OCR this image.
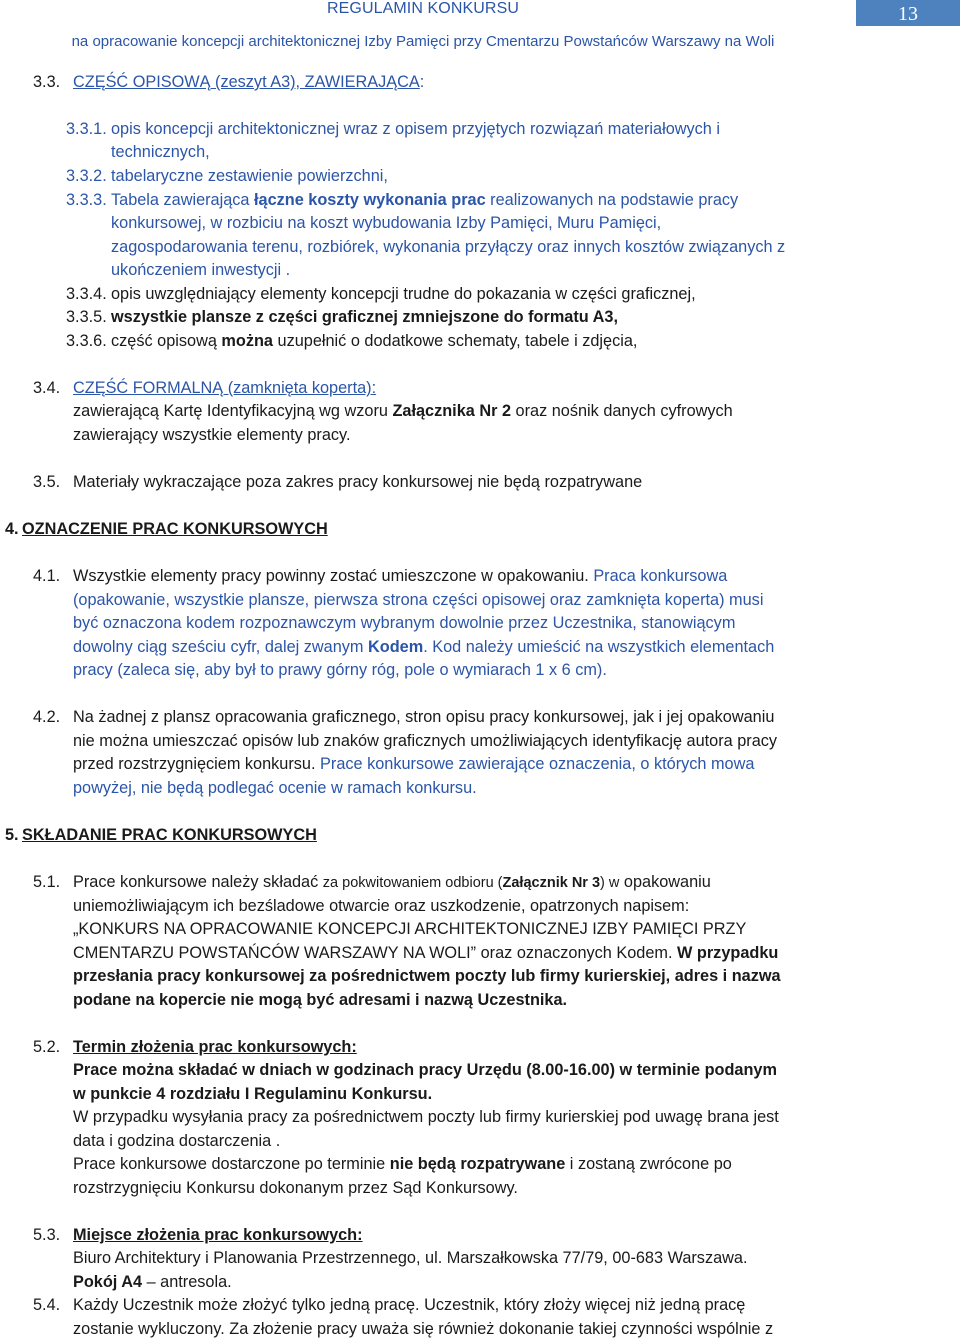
REGULAMIN KONKURSU
na opracowanie koncepcji architektonicznej Izby Pamięci przy Cmentarzu Powstańców Warszawy na Woli
13
3.3. CZĘŚĆ OPISOWĄ (zeszyt A3), ZAWIERAJĄCA:
3.3.1. opis koncepcji architektonicznej wraz z opisem przyjętych rozwiązań materiałowych i
technicznych,
3.3.2. tabelaryczne zestawienie powierzchni,
3.3.3. Tabela zawierająca łączne koszty wykonania prac realizowanych na podstawie pracy
konkursowej, w rozbiciu na koszt wybudowania Izby Pamięci, Muru Pamięci,
zagospodarowania terenu, rozbiórek, wykonania przyłączy oraz innych kosztów związanych z
ukończeniem inwestycji .
3.3.4. opis uwzględniający elementy koncepcji trudne do pokazania w części graficznej,
3.3.5. wszystkie plansze z części graficznej zmniejszone do formatu A3,
3.3.6. część opisową można uzupełnić o dodatkowe schematy, tabele i zdjęcia,
3.4. CZĘŚĆ FORMALNĄ (zamknięta koperta):
zawierającą Kartę Identyfikacyjną wg wzoru Załącznika Nr 2 oraz nośnik danych cyfrowych
zawierający wszystkie elementy pracy.
3.5. Materiały wykraczające poza zakres pracy konkursowej nie będą rozpatrywane
4. OZNACZENIE PRAC KONKURSOWYCH
4.1. Wszystkie elementy pracy powinny zostać umieszczone w opakowaniu. Praca konkursowa
(opakowanie, wszystkie plansze, pierwsza strona części opisowej oraz zamknięta koperta) musi
być oznaczona kodem rozpoznawczym wybranym dowolnie przez Uczestnika, stanowiącym
dowolny ciąg sześciu cyfr, dalej zwanym Kodem. Kod należy umieścić na wszystkich elementach
pracy (zaleca się, aby był to prawy górny róg, pole o wymiarach 1 x 6 cm).
4.2. Na żadnej z plansz opracowania graficznego, stron opisu pracy konkursowej, jak i jej opakowaniu
nie można umieszczać opisów lub znaków graficznych umożliwiających identyfikację autora pracy
przed rozstrzygnięciem konkursu. Prace konkursowe zawierające oznaczenia, o których mowa
powyżej, nie będą podlegać ocenie w ramach konkursu.
5. SKŁADANIE PRAC KONKURSOWYCH
5.1. Prace konkursowe należy składać za pokwitowaniem odbioru (Załącznik Nr 3) w opakowaniu
uniemożliwiającym ich bezśladowe otwarcie oraz uszkodzenie, opatrzonych napisem:
„KONKURS NA OPRACOWANIE KONCEPCJI ARCHITEKTONICZNEJ IZBY PAMIĘCI PRZY
CMENTARZU POWSTAŃCÓW WARSZAWY NA WOLI” oraz oznaczonych Kodem. W przypadku
przesłania pracy konkursowej za pośrednictwem poczty lub firmy kurierskiej, adres i nazwa
podane na kopercie nie mogą być adresami i nazwą Uczestnika.
5.2. Termin złożenia prac konkursowych:
Prace można składać w dniach w godzinach pracy Urzędu (8.00-16.00) w terminie podanym
w punkcie 4 rozdziału I Regulaminu Konkursu.
W przypadku wysyłania pracy za pośrednictwem poczty lub firmy kurierskiej pod uwagę brana jest
data i godzina dostarczenia .
Prace konkursowe dostarczone po terminie nie będą rozpatrywane i zostaną zwrócone po
rozstrzygnięciu Konkursu dokonanym przez Sąd Konkursowy.
5.3. Miejsce złożenia prac konkursowych:
Biuro Architektury i Planowania Przestrzennego, ul. Marszałkowska 77/79, 00-683 Warszawa.
Pokój A4 – antresola.
5.4. Każdy Uczestnik może złożyć tylko jedną pracę. Uczestnik, który złoży więcej niż jedną pracę
zostanie wykluczony. Za złożenie pracy uważa się również dokonanie takiej czynności wspólnie z
